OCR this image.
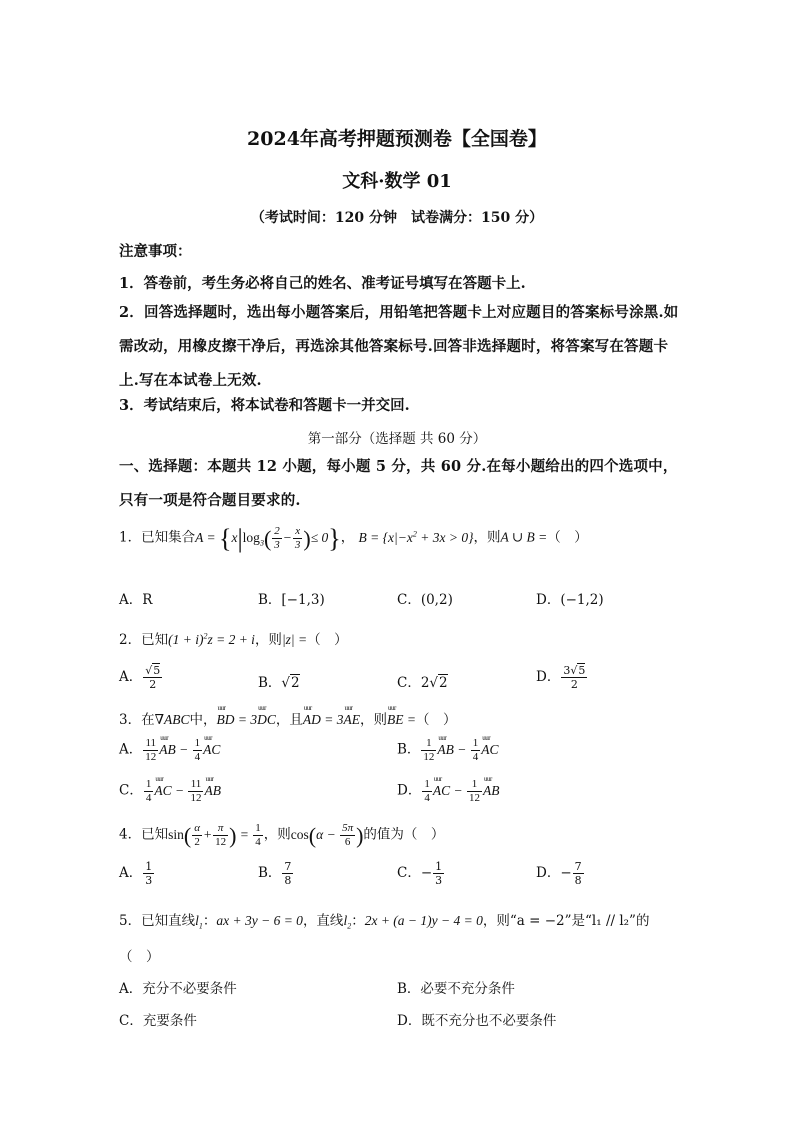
2024年高考押题预测卷【全国卷】
文科·数学 01
（考试时间：120 分钟　试卷满分：150 分）
注意事项：
1．答卷前，考生务必将自己的姓名、准考证号填写在答题卡上.
2．回答选择题时，选出每小题答案后，用铅笔把答题卡上对应题目的答案标号涂黑.如需改动，用橡皮擦干净后，再选涂其他答案标号.回答非选择题时，将答案写在答题卡上.写在本试卷上无效.
3．考试结束后，将本试卷和答题卡一并交回.
第一部分（选择题 共 60 分）
一、选择题：本题共 12 小题，每小题 5 分，共 60 分.在每小题给出的四个选项中，只有一项是符合题目要求的.
1．已知集合$A = \{x|\log_3( \frac{2}{3} - \frac{x}{3}$ )≤ 0}， $B = \{x|-x^2 + 3x > 0\}$，则A ∪ B =（　）
A．R	B．[−1,3)	C．(0,2)	D．(−1,2)
2．已知$(1 + i)^2z = 2 + i$，则|z| =（　）
A． $\frac{√5}{2}$	B．√2	C．2√2	D． $\frac{3√5}{2}$
3．在∇ABC中，uur BD = 3uur DC，且uur AD = 3uur AE，则uur BE =（　）
A． $\frac{11}{12}$ uur AB − $\frac{1}{4}$ uur AC	B． $\frac{1}{12}$ uur AB − $\frac{1}{4}$ uur AC
C． $\frac{1}{4}$ uur AC − $\frac{11}{12}$ uur AB	D． $\frac{1}{4}$ uur AC − $\frac{1}{12}$ uur AB
4．已知$\sin( \frac{\alpha}{2} + \frac{\pi}{12}$ ) = $\frac{1}{4}$ ，则$\cos(\alpha - \frac{5\pi}{6}$ )的值为（　）
A． $\frac{1}{3}$	B． $\frac{7}{8}$	C．− $\frac{1}{3}$	D．− $\frac{7}{8}$
5．已知直线$l_1$：ax + 3y − 6 = 0，直线$l_2$：2x + (a − 1)y − 4 = 0，则“a = −2”是“l₁ // l₂”的
（　）
A．充分不必要条件	B．必要不充分条件
C．充要条件	D．既不充分也不必要条件
